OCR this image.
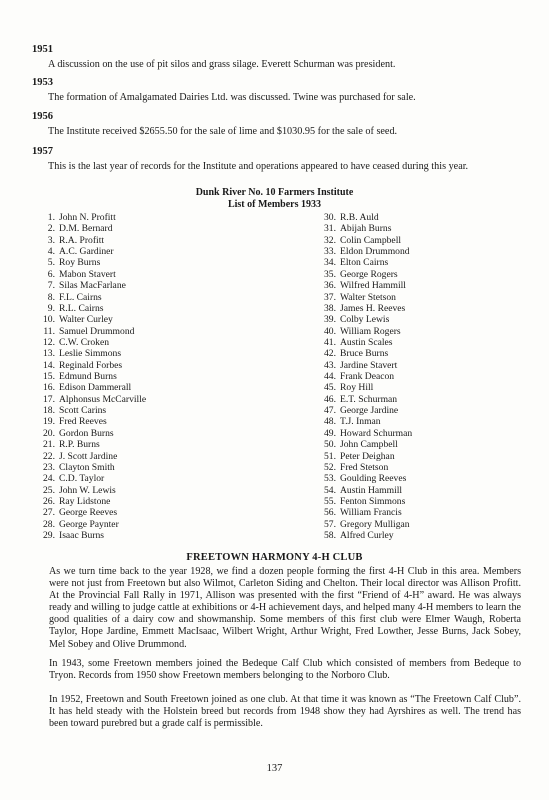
1951
A discussion on the use of pit silos and grass silage. Everett Schurman was president.
1953
The formation of Amalgamated Dairies Ltd. was discussed. Twine was purchased for sale.
1956
The Institute received $2655.50 for the sale of lime and $1030.95 for the sale of seed.
1957
This is the last year of records for the Institute and operations appeared to have ceased during this year.
Dunk River No. 10 Farmers Institute
List of Members 1933
1. John N. Profitt
2. D.M. Bernard
3. R.A. Profitt
4. A.C. Gardiner
5. Roy Burns
6. Mabon Stavert
7. Silas MacFarlane
8. F.L. Cairns
9. R.L. Cairns
10. Walter Curley
11. Samuel Drummond
12. C.W. Croken
13. Leslie Simmons
14. Reginald Forbes
15. Edmund Burns
16. Edison Dammerall
17. Alphonsus McCarville
18. Scott Carins
19. Fred Reeves
20. Gordon Burns
21. R.P. Burns
22. J. Scott Jardine
23. Clayton Smith
24. C.D. Taylor
25. John W. Lewis
26. Ray Lidstone
27. George Reeves
28. George Paynter
29. Isaac Burns
30. R.B. Auld
31. Abijah Burns
32. Colin Campbell
33. Eldon Drummond
34. Elton Cairns
35. George Rogers
36. Wilfred Hammill
37. Walter Stetson
38. James H. Reeves
39. Colby Lewis
40. William Rogers
41. Austin Scales
42. Bruce Burns
43. Jardine Stavert
44. Frank Deacon
45. Roy Hill
46. E.T. Schurman
47. George Jardine
48. T.J. Inman
49. Howard Schurman
50. John Campbell
51. Peter Deighan
52. Fred Stetson
53. Goulding Reeves
54. Austin Hammill
55. Fenton Simmons
56. William Francis
57. Gregory Mulligan
58. Alfred Curley
FREETOWN HARMONY 4-H CLUB
As we turn time back to the year 1928, we find a dozen people forming the first 4-H Club in this area. Members were not just from Freetown but also Wilmot, Carleton Siding and Chelton. Their local director was Allison Profitt. At the Provincial Fall Rally in 1971, Allison was presented with the first “Friend of 4-H” award. He was always ready and willing to judge cattle at exhibitions or 4-H achievement days, and helped many 4-H members to learn the good qualities of a dairy cow and showmanship. Some members of this first club were Elmer Waugh, Roberta Taylor, Hope Jardine, Emmett MacIsaac, Wilbert Wright, Arthur Wright, Fred Lowther, Jesse Burns, Jack Sobey, Mel Sobey and Olive Drummond.
In 1943, some Freetown members joined the Bedeque Calf Club which consisted of members from Bedeque to Tryon. Records from 1950 show Freetown members belonging to the Norboro Club.
In 1952, Freetown and South Freetown joined as one club. At that time it was known as “The Freetown Calf Club”. It has held steady with the Holstein breed but records from 1948 show they had Ayrshires as well. The trend has been toward purebred but a grade calf is permissible.
137
